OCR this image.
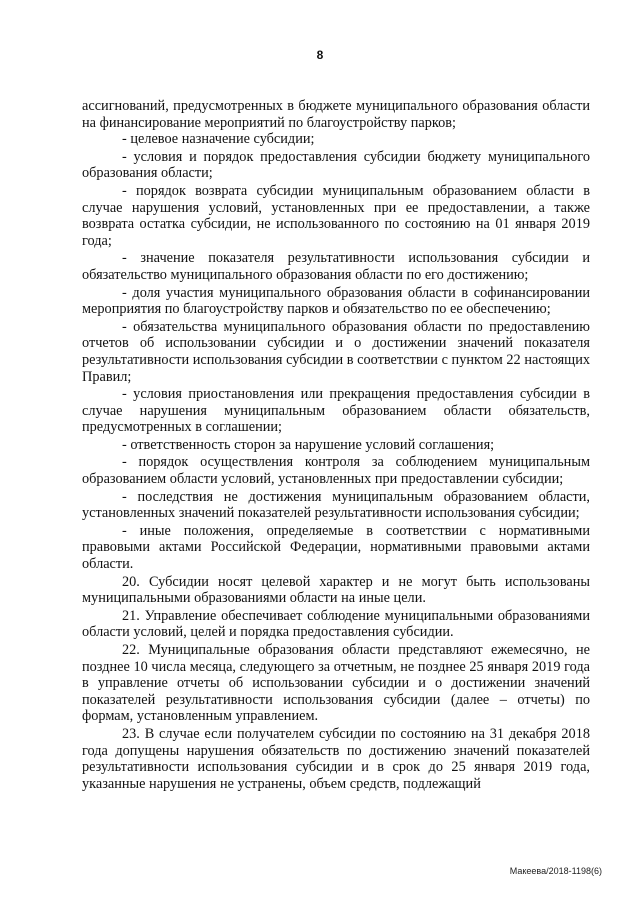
8

ассигнований, предусмотренных в бюджете муниципального образования области на финансирование мероприятий по благоустройству парков;

- целевое назначение субсидии;

- условия и порядок предоставления субсидии бюджету муниципального образования области;

- порядок возврата субсидии муниципальным образованием области в случае нарушения условий, установленных при ее предоставлении, а также возврата остатка субсидии, не использованного по состоянию на 01 января 2019 года;

- значение показателя результативности использования субсидии и обязательство муниципального образования области по его достижению;

- доля участия муниципального образования области в софинансировании мероприятия по благоустройству парков и обязательство по ее обеспечению;

- обязательства муниципального образования области по предоставлению отчетов об использовании субсидии и о достижении значений показателя результативности использования субсидии в соответствии с пунктом 22 настоящих Правил;

- условия приостановления или прекращения предоставления субсидии в случае нарушения муниципальным образованием области обязательств, предусмотренных в соглашении;

- ответственность сторон за нарушение условий соглашения;

- порядок осуществления контроля за соблюдением муниципальным образованием области условий, установленных при предоставлении субсидии;

- последствия не достижения муниципальным образованием области, установленных значений показателей результативности использования субсидии;

- иные положения, определяемые в соответствии с нормативными правовыми актами Российской Федерации, нормативными правовыми актами области.

20. Субсидии носят целевой характер и не могут быть использованы муниципальными образованиями области на иные цели.

21. Управление обеспечивает соблюдение муниципальными образованиями области условий, целей и порядка предоставления субсидии.

22. Муниципальные образования области представляют ежемесячно, не позднее 10 числа месяца, следующего за отчетным, не позднее 25 января 2019 года в управление отчеты об использовании субсидии и о достижении значений показателей результативности использования субсидии (далее – отчеты) по формам, установленным управлением.

23. В случае если получателем субсидии по состоянию на 31 декабря 2018 года допущены нарушения обязательств по достижению значений показателей результативности использования субсидии и в срок до 25 января 2019 года, указанные нарушения не устранены, объем средств, подлежащий

Макеева/2018-1198(6)
